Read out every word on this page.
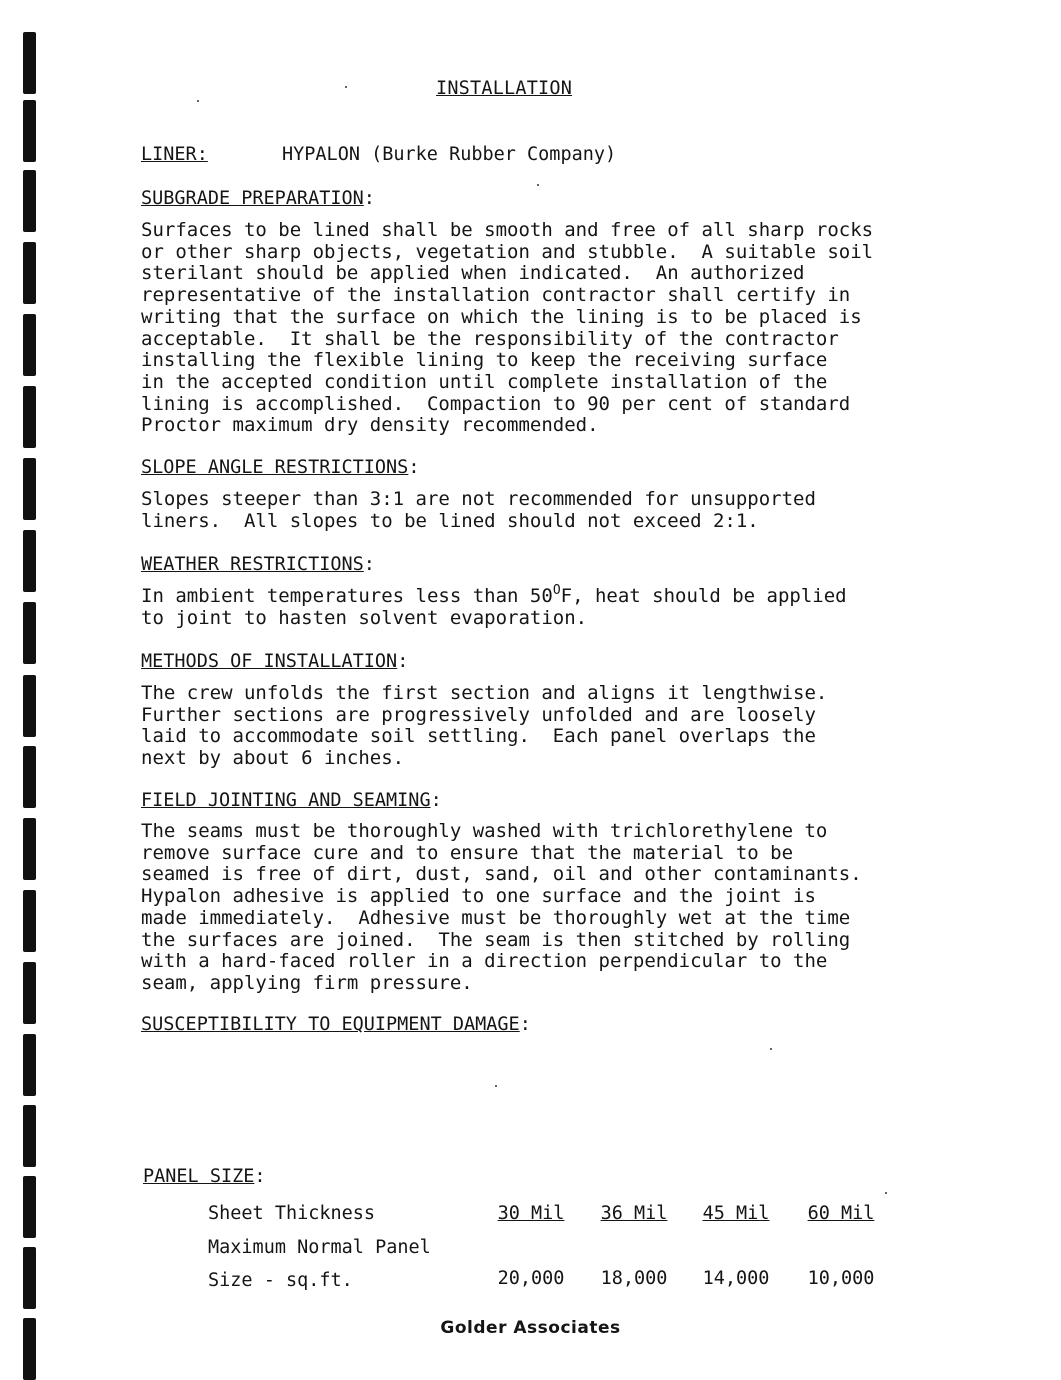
INSTALLATION
LINER:	HYPALON (Burke Rubber Company)
SUBGRADE PREPARATION:
Surfaces to be lined shall be smooth and free of all sharp rocks
or other sharp objects, vegetation and stubble.  A suitable soil
sterilant should be applied when indicated.  An authorized
representative of the installation contractor shall certify in
writing that the surface on which the lining is to be placed is
acceptable.  It shall be the responsibility of the contractor
installing the flexible lining to keep the receiving surface
in the accepted condition until complete installation of the
lining is accomplished.  Compaction to 90 per cent of standard
Proctor maximum dry density recommended.
SLOPE ANGLE RESTRICTIONS:
Slopes steeper than 3:1 are not recommended for unsupported
liners.  All slopes to be lined should not exceed 2:1.
WEATHER RESTRICTIONS:
In ambient temperatures less than $50^OF$, heat should be applied
to joint to hasten solvent evaporation.
METHODS OF INSTALLATION:
The crew unfolds the first section and aligns it lengthwise.
Further sections are progressively unfolded and are loosely
laid to accommodate soil settling.  Each panel overlaps the
next by about 6 inches.
FIELD JOINTING AND SEAMING:
The seams must be thoroughly washed with trichlorethylene to
remove surface cure and to ensure that the material to be
seamed is free of dirt, dust, sand, oil and other contaminants.
Hypalon adhesive is applied to one surface and the joint is
made immediately.  Adhesive must be thoroughly wet at the time
the surfaces are joined.  The seam is then stitched by rolling
with a hard-faced roller in a direction perpendicular to the
seam, applying firm pressure.
SUSCEPTIBILITY TO EQUIPMENT DAMAGE:
PANEL SIZE:
Sheet Thickness	30 Mil	36 Mil	45 Mil	60 Mil
Maximum Normal Panel
Size - sq.ft.	20,000	18,000	14,000	10,000
Golder Associates
